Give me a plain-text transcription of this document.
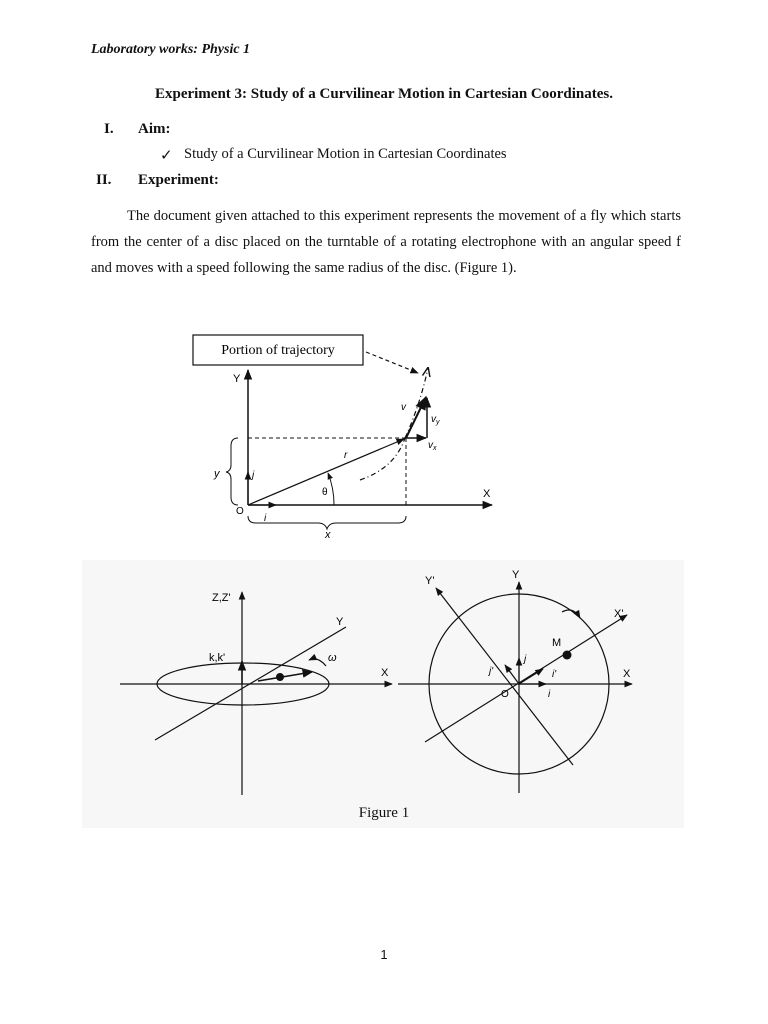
Laboratory works: Physic 1
Experiment 3: Study of a Curvilinear Motion in Cartesian Coordinates.
I. Aim:
✓ Study of a Curvilinear Motion in Cartesian Coordinates
II. Experiment:
The document given attached to this experiment represents the movement of a fly which starts from the center of a disc placed on the turntable of a rotating electrophone with an angular speed f and moves with a speed following the same radius of the disc. (Figure 1).
Portion of trajectory
Y
X
O
r
j
i
θ
v
$v_y$
$v_x$
y
x
Z,Z'
X
Y
k,k'	ω
X
Y
X'
Y'
M
O
j
j'
i
i'
Figure 1
1
